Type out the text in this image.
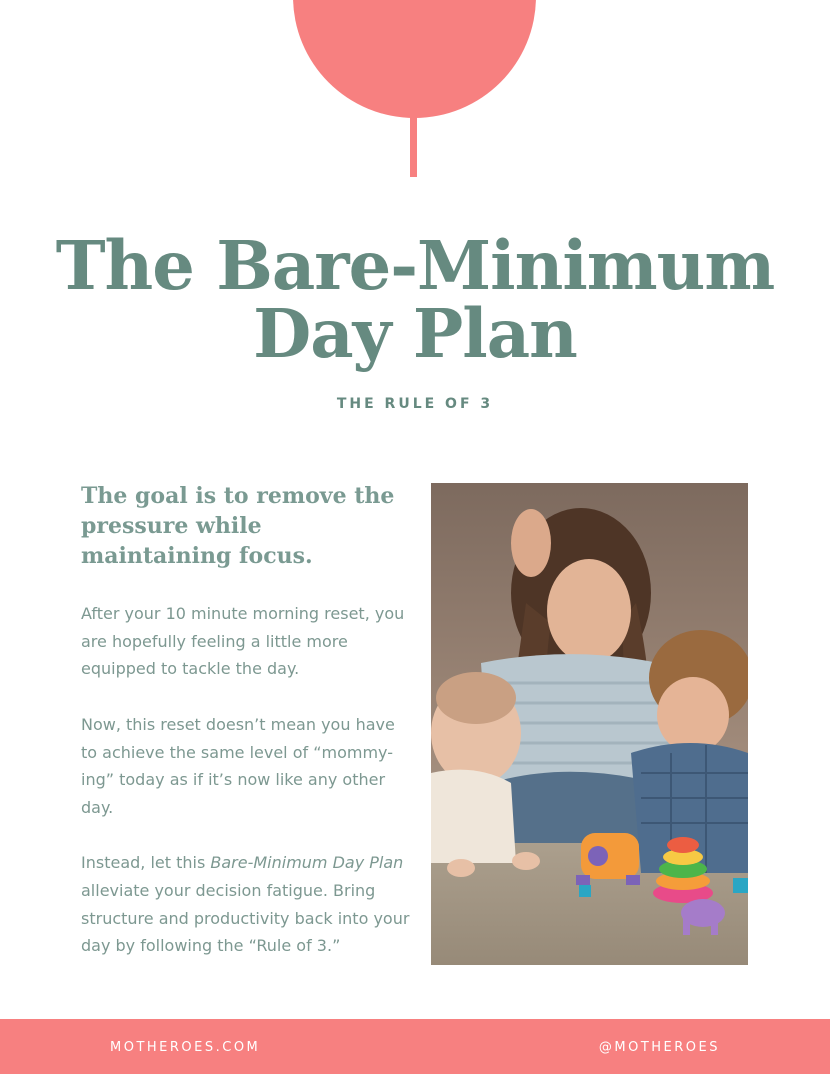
The Bare-Minimum
Day Plan
THE RULE OF 3
The goal is to remove the pressure while maintaining focus.

After your 10 minute morning reset, you are hopefully feeling a little more equipped to tackle the day.

Now, this reset doesn’t mean you have to achieve the same level of “mommy-ing” today as if it’s now like any other day.

Instead, let this Bare-Minimum Day Plan alleviate your decision fatigue. Bring structure and productivity back into your day by following the “Rule of 3.”

MOTHEROES.COM	@MOTHEROES
